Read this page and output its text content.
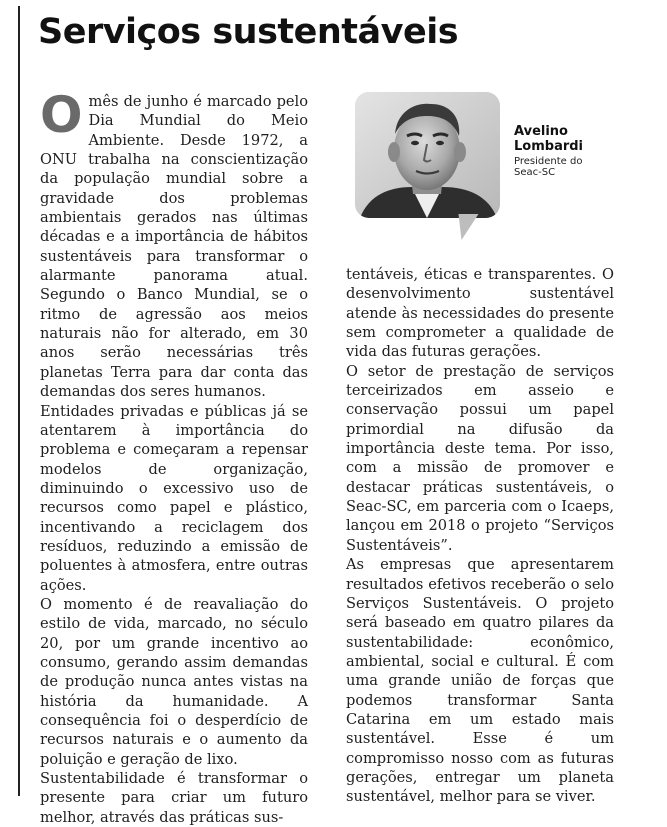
Serviços sustentáveis

O mês de junho é marcado pelo Dia Mundial do Meio Ambiente. Desde 1972, a ONU trabalha na conscientização da população mundial sobre a gravidade dos problemas ambientais gerados nas últimas décadas e a importância de hábitos sustentáveis para transformar o alarmante panorama atual. Segundo o Banco Mundial, se o ritmo de agressão aos meios naturais não for alterado, em 30 anos serão necessárias três planetas Terra para dar conta das demandas dos seres humanos.

Entidades privadas e públicas já se atentarem à importância do problema e começaram a repensar modelos de organização, diminuindo o excessivo uso de recursos como papel e plástico, incentivando a reciclagem dos resíduos, reduzindo a emissão de poluentes à atmosfera, entre outras ações.

O momento é de reavaliação do estilo de vida, marcado, no século 20, por um grande incentivo ao consumo, gerando assim demandas de produção nunca antes vistas na história da humanidade. A consequência foi o desperdício de recursos naturais e o aumento da poluição e geração de lixo.

Sustentabilidade é transformar o presente para criar um futuro melhor, através das práticas sus-

Avelino
Lombardi
Presidente do
Seac-SC

tentáveis, éticas e transparentes. O desenvolvimento sustentável atende às necessidades do presente sem comprometer a qualidade de vida das futuras gerações.

O setor de prestação de serviços terceirizados em asseio e conservação possui um papel primordial na difusão da importância deste tema. Por isso, com a missão de promover e destacar práticas sustentáveis, o Seac-SC, em parceria com o Icaeps, lançou em 2018 o projeto “Serviços Sustentáveis”.

As empresas que apresentarem resultados efetivos receberão o selo Serviços Sustentáveis. O projeto será baseado em quatro pilares da sustentabilidade: econômico, ambiental, social e cultural. É com uma grande união de forças que podemos transformar Santa Catarina em um estado mais sustentável. Esse é um compromisso nosso com as futuras gerações, entregar um planeta sustentável, melhor para se viver.
